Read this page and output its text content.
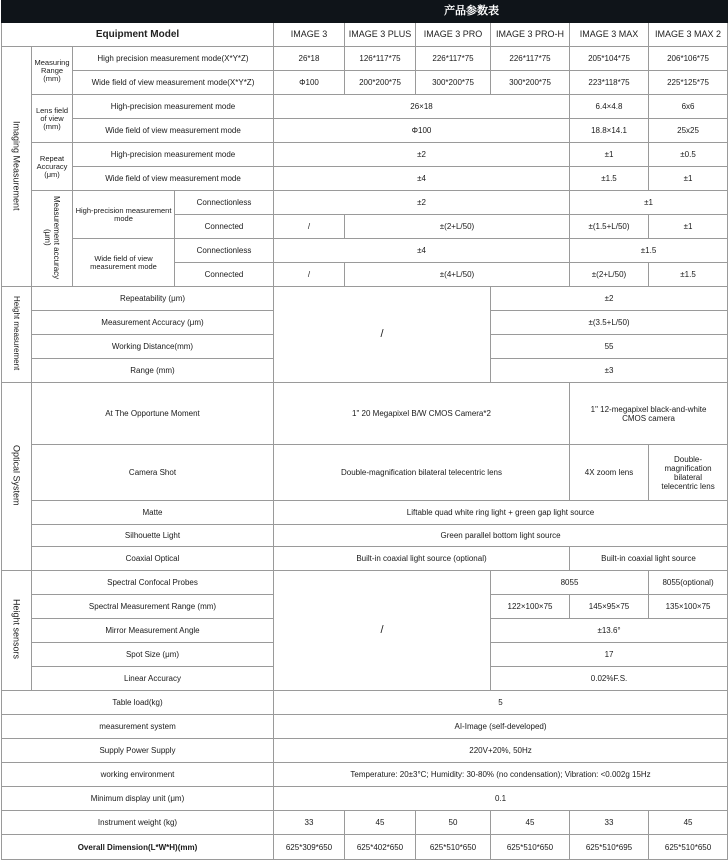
产品参数表									
Equipment Model				IMAGE 3	IMAGE 3 PLUS	IMAGE 3 PRO	IMAGE 3 PRO-H	IMAGE 3 MAX	IMAGE 3 MAX 2
Imaging Measurement	Measuring Range (mm)	High precision measurement mode(X*Y*Z)		26*18	126*117*75	226*117*75	226*117*75	205*104*75	206*106*75
		Wide field of view measurement mode(X*Y*Z)		Φ100	200*200*75	300*200*75	300*200*75	223*118*75	225*125*75
	Lens field of view (mm)	High-precision measurement mode		26×18				6.4×4.8	6x6
		Wide field of view measurement mode		Φ100				18.8×14.1	25x25
	Repeat Accuracy (μm)	High-precision measurement mode		±2				±1	±0.5
		Wide field of view measurement mode		±4				±1.5	±1
	Measurement accuracy (μm)	High-precision measurement mode	Connectionless	±2				±1	
			Connected	/	±(2+L/50)			±(1.5+L/50)	±1
		Wide field of view measurement mode	Connectionless	±4				±1.5	
			Connected	/	±(4+L/50)			±(2+L/50)	±1.5
Height measurement	Repeatability (μm)			/			±2		
	Measurement Accuracy (μm)						±(3.5+L/50)		
	Working Distance(mm)						55		
	Range (mm)						±3		
Optical System	At The Opportune Moment			1" 20 Megapixel B/W CMOS Camera*2				1" 12-megapixel black-and-white CMOS camera	
	Camera Shot			Double-magnification bilateral telecentric lens				4X zoom lens	Double-magnification bilateral telecentric lens
	Matte			Liftable quad white ring light + green gap light source					
	Silhouette Light			Green parallel bottom light source					
	Coaxial Optical			Built-in coaxial light source (optional)				Built-in coaxial light source	
Height sensors	Spectral Confocal Probes			/			8055		8055(optional)
	Spectral Measurement Range (mm)						122×100×75	145×95×75	135×100×75
	Mirror Measurement Angle						±13.6°		
	Spot Size (μm)						17		
	Linear Accuracy						0.02%F.S.		
Table load(kg)				5					
measurement system				AI-Image (self-developed)					
Supply Power Supply				220V+20%, 50Hz					
working environment				Temperature: 20±3°C; Humidity: 30-80% (no condensation); Vibration: <0.002g 15Hz					
Minimum display unit (μm)				0.1					
Instrument weight (kg)				33	45	50	45	33	45
Overall Dimension(L*W*H)(mm)				625*309*650	625*402*650	625*510*650	625*510*650	625*510*695	625*510*650
